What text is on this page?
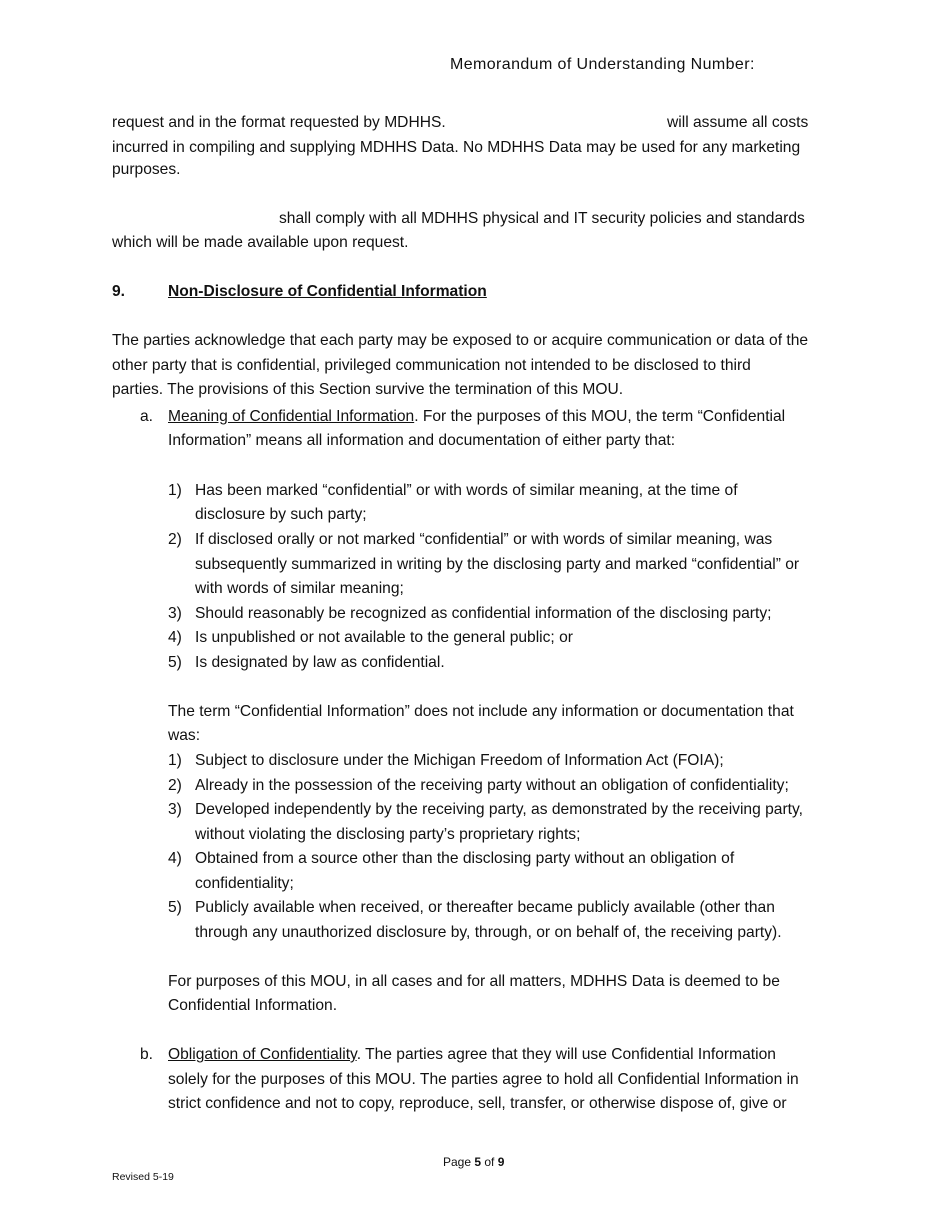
Memorandum of Understanding Number:
request and in the format requested by MDHHS.	will assume all costs
incurred in compiling and supplying MDHHS Data. No MDHHS Data may be used for any marketing
purposes.
shall comply with all MDHHS physical and IT security policies and standards
which will be made available upon request.
9.	Non-Disclosure of Confidential Information
The parties acknowledge that each party may be exposed to or acquire communication or data of the
other party that is confidential, privileged communication not intended to be disclosed to third
parties. The provisions of this Section survive the termination of this MOU.
a. Meaning of Confidential Information. For the purposes of this MOU, the term “Confidential
Information” means all information and documentation of either party that:
1) Has been marked “confidential” or with words of similar meaning, at the time of
disclosure by such party;
2) If disclosed orally or not marked “confidential” or with words of similar meaning, was
subsequently summarized in writing by the disclosing party and marked “confidential” or
with words of similar meaning;
3) Should reasonably be recognized as confidential information of the disclosing party;
4) Is unpublished or not available to the general public; or
5) Is designated by law as confidential.
The term “Confidential Information” does not include any information or documentation that
was:
1) Subject to disclosure under the Michigan Freedom of Information Act (FOIA);
2) Already in the possession of the receiving party without an obligation of confidentiality;
3) Developed independently by the receiving party, as demonstrated by the receiving party,
without violating the disclosing party’s proprietary rights;
4) Obtained from a source other than the disclosing party without an obligation of
confidentiality;
5) Publicly available when received, or thereafter became publicly available (other than
through any unauthorized disclosure by, through, or on behalf of, the receiving party).
For purposes of this MOU, in all cases and for all matters, MDHHS Data is deemed to be
Confidential Information.
b. Obligation of Confidentiality. The parties agree that they will use Confidential Information
solely for the purposes of this MOU. The parties agree to hold all Confidential Information in
strict confidence and not to copy, reproduce, sell, transfer, or otherwise dispose of, give or
Page 5 of 9
Revised 5-19
